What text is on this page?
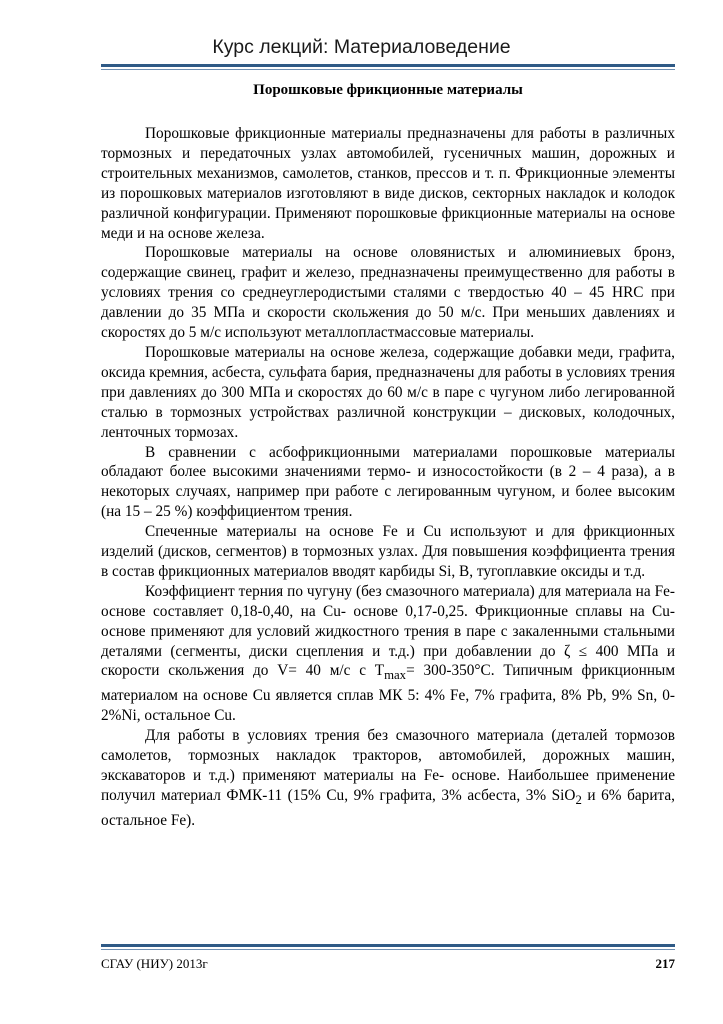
Курс лекций: Материаловедение
Порошковые фрикционные материалы

Порошковые фрикционные материалы предназначены для работы в различных тормозных и передаточных узлах автомобилей, гусеничных машин, дорожных и строительных механизмов, самолетов, станков, прессов и т. п. Фрикционные элементы из порошковых материалов изготовляют в виде дисков, секторных накладок и колодок различной конфигурации. Применяют порошковые фрикционные материалы на основе меди и на основе железа.

Порошковые материалы на основе оловянистых и алюминиевых бронз, содержащие свинец, графит и железо, предназначены преимущественно для работы в условиях трения со среднеуглеродистыми сталями с твердостью 40 – 45 HRC при давлении до 35 МПа и скорости скольжения до 50 м/с. При меньших давлениях и скоростях до 5 м/с используют металлопластмассовые материалы.

Порошковые материалы на основе железа, содержащие добавки меди, графита, оксида кремния, асбеста, сульфата бария, предназначены для работы в условиях трения при давлениях до 300 МПа и скоростях до 60 м/с в паре с чугуном либо легированной сталью в тормозных устройствах различной конструкции – дисковых, колодочных, ленточных тормозах.

В сравнении с асбофрикционными материалами порошковые материалы обладают более высокими значениями термо- и износостойкости (в 2 – 4 раза), а в некоторых случаях, например при работе с легированным чугуном, и более высоким (на 15 – 25 %) коэффициентом трения.

Спеченные материалы на основе Fe и Cu используют и для фрикционных изделий (дисков, сегментов) в тормозных узлах. Для повышения коэффициента трения в состав фрикционных материалов вводят карбиды Si, B, тугоплавкие оксиды и т.д.

Коэффициент терния по чугуну (без смазочного материала) для материала на Fe- основе составляет 0,18-0,40, на Cu- основе 0,17-0,25. Фрикционные сплавы на Cu- основе применяют для условий жидкостного трения в паре с закаленными стальными деталями (сегменты, диски сцепления и т.д.) при добавлении до ζ ≤ 400 МПа и скорости скольжения до V= 40 м/с с $T_{max}= 300-350^\circ C$. Типичным фрикционным материалом на основе Cu является сплав МК 5: 4% Fe, 7% графита, 8% Pb, 9% Sn, 0-2%Ni, остальное Cu.

Для работы в условиях трения без смазочного материала (деталей тормозов самолетов, тормозных накладок тракторов, автомобилей, дорожных машин, экскаваторов и т.д.) применяют материалы на Fe- основе. Наибольшее применение получил материал ФМК-11 (15% Cu, 9% графита, 3% асбеста, 3% SiO$_2$ и 6% барита, остальное Fe).

СГАУ (НИУ) 2013г	217
